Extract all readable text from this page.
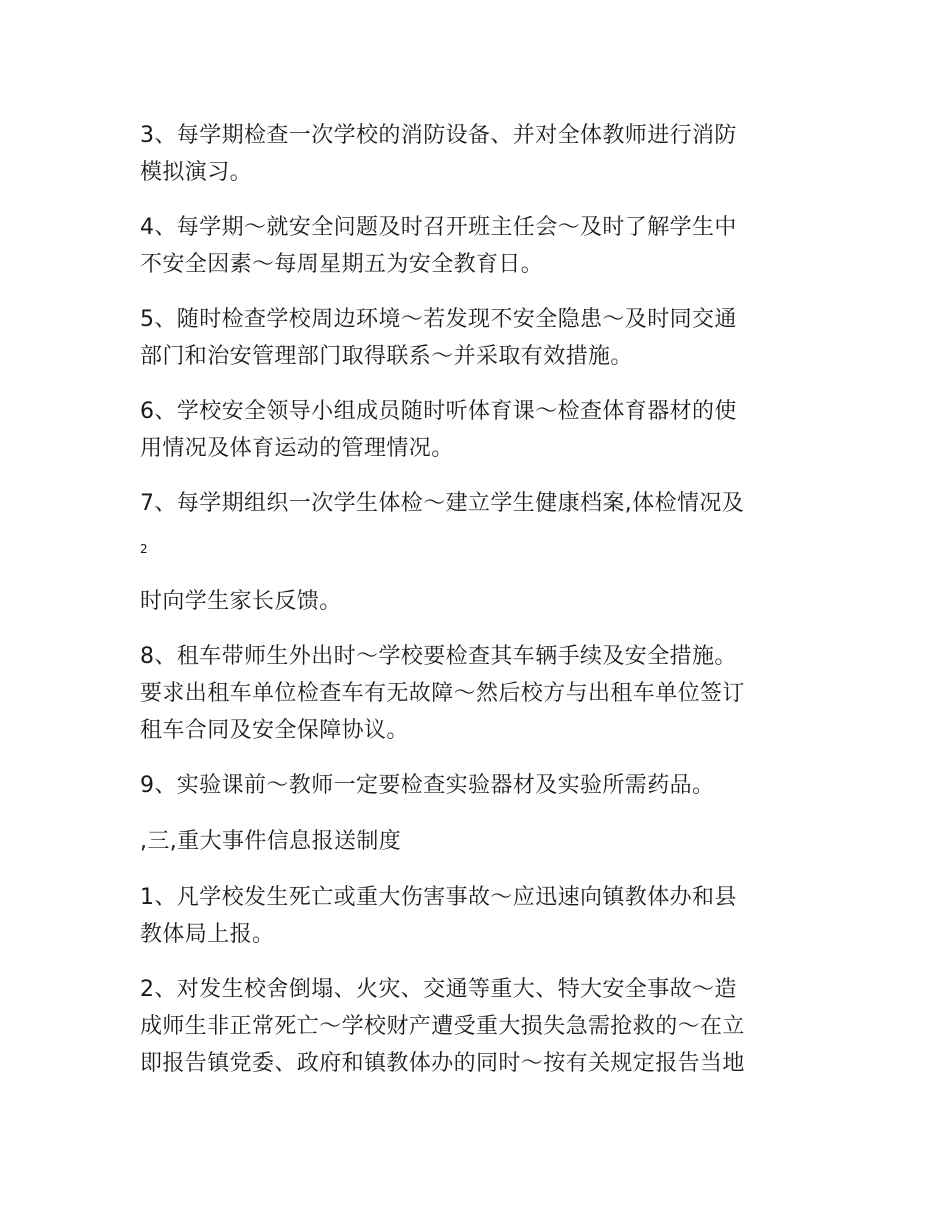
3、每学期检查一次学校的消防设备、并对全体教师进行消防
模拟演习。

4、每学期～就安全问题及时召开班主任会～及时了解学生中
不安全因素～每周星期五为安全教育日。

5、随时检查学校周边环境～若发现不安全隐患～及时同交通
部门和治安管理部门取得联系～并采取有效措施。

6、学校安全领导小组成员随时听体育课～检查体育器材的使
用情况及体育运动的管理情况。

7、每学期组织一次学生体检～建立学生健康档案,体检情况及

2

时向学生家长反馈。

8、租车带师生外出时～学校要检查其车辆手续及安全措施。
要求出租车单位检查车有无故障～然后校方与出租车单位签订
租车合同及安全保障协议。

9、实验课前～教师一定要检查实验器材及实验所需药品。

,三,重大事件信息报送制度

1、凡学校发生死亡或重大伤害事故～应迅速向镇教体办和县
教体局上报。

2、对发生校舍倒塌、火灾、交通等重大、特大安全事故～造
成师生非正常死亡～学校财产遭受重大损失急需抢救的～在立
即报告镇党委、政府和镇教体办的同时～按有关规定报告当地
